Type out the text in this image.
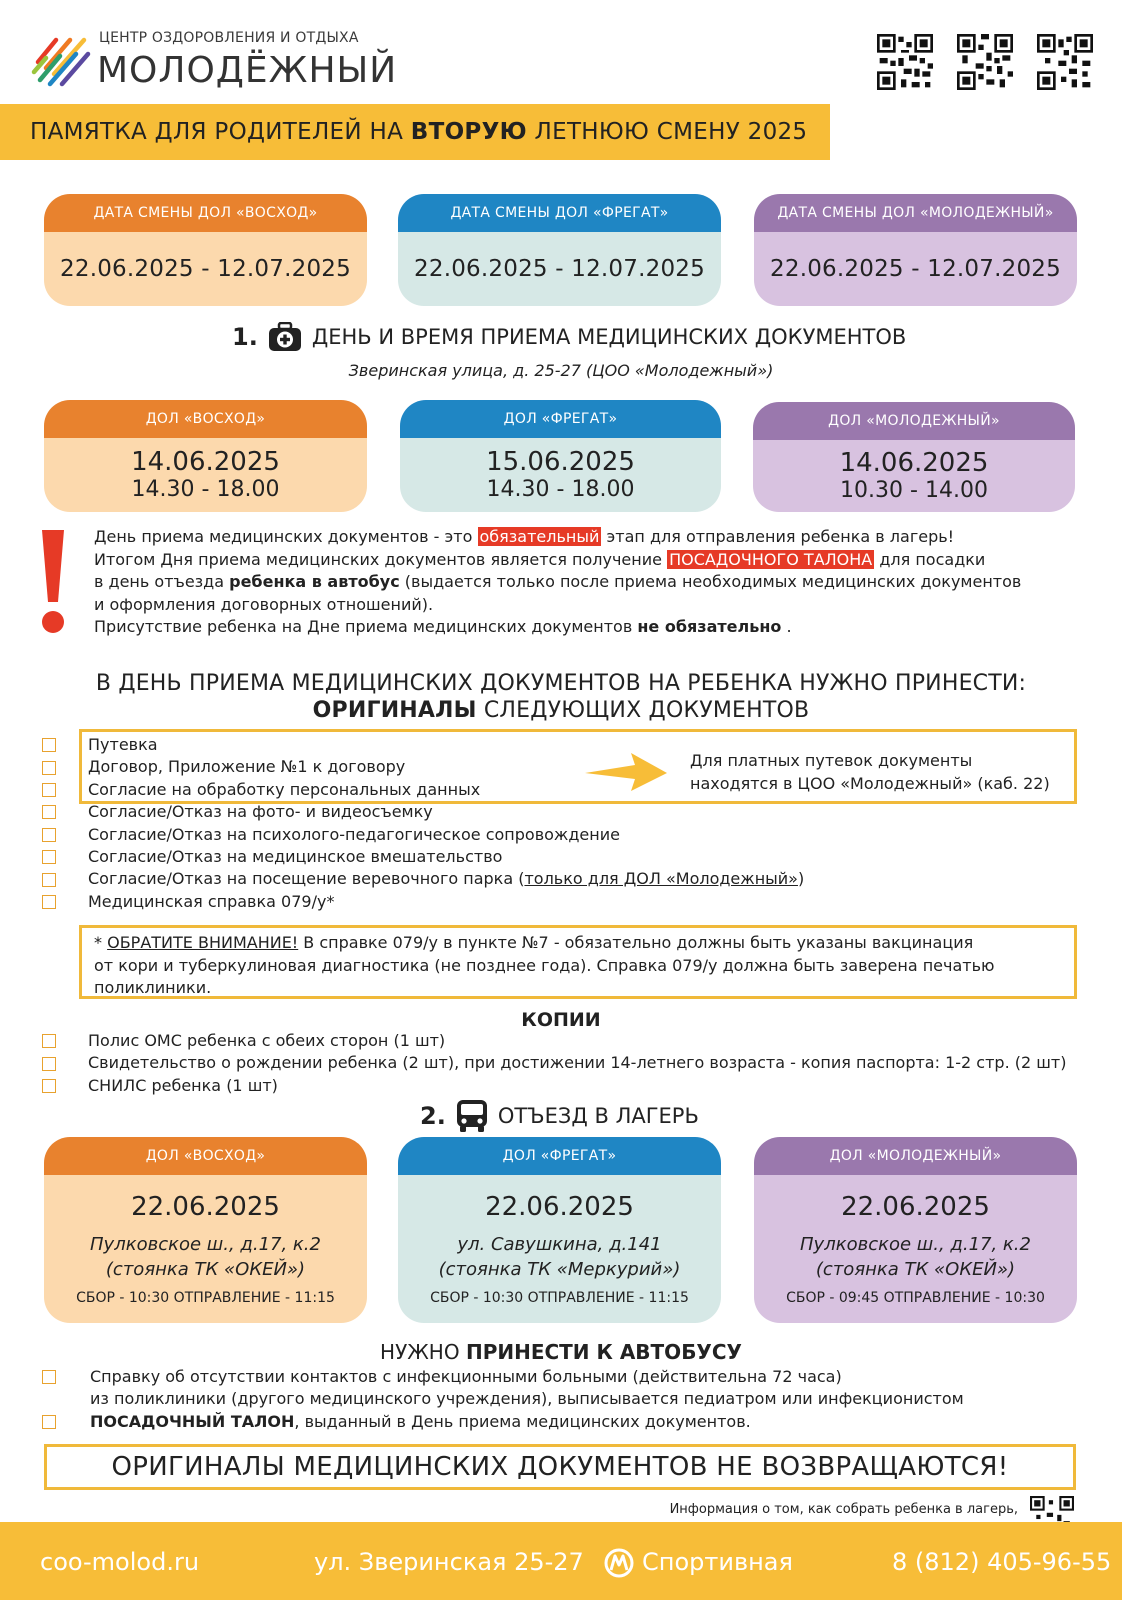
ЦЕНТР ОЗДОРОВЛЕНИЯ И ОТДЫХА
МОЛОДЁЖНЫЙ
ПАМЯТКА ДЛЯ РОДИТЕЛЕЙ НА ВТОРУЮ ЛЕТНЮЮ СМЕНУ 2025
ДАТА СМЕНЫ ДОЛ «ВОСХОД»
22.06.2025 - 12.07.2025
ДАТА СМЕНЫ ДОЛ «ФРЕГАТ»
22.06.2025 - 12.07.2025
ДАТА СМЕНЫ ДОЛ «МОЛОДЕЖНЫЙ»
22.06.2025 - 12.07.2025
1.	ДЕНЬ И ВРЕМЯ ПРИЕМА МЕДИЦИНСКИХ ДОКУМЕНТОВ
Зверинская улица, д. 25-27 (ЦОО «Молодежный»)
ДОЛ «ВОСХОД»
14.06.2025
14.30 - 18.00
ДОЛ «ФРЕГАТ»
15.06.2025
14.30 - 18.00
ДОЛ «МОЛОДЕЖНЫЙ»
14.06.2025
10.30 - 14.00
День приема медицинских документов - это обязательный этап для отправления ребенка в лагерь!
Итогом Дня приема медицинских документов является получение ПОСАДОЧНОГО ТАЛОНА для посадки
в день отъезда ребенка в автобус (выдается только после приема необходимых медицинских документов
и оформления договорных отношений).
Присутствие ребенка на Дне приема медицинских документов не обязательно .
В ДЕНЬ ПРИЕМА МЕДИЦИНСКИХ ДОКУМЕНТОВ НА РЕБЕНКА НУЖНО ПРИНЕСТИ:
ОРИГИНАЛЫ СЛЕДУЮЩИХ ДОКУМЕНТОВ
Для платных путевок документы
находятся в ЦОО «Молодежный» (каб. 22)
Путевка
Договор, Приложение №1 к договору
Согласие на обработку персональных данных
Согласие/Отказ на фото- и видеосъемку
Согласие/Отказ на психолого-педагогическое сопровождение
Согласие/Отказ на медицинское вмешательство
Согласие/Отказ на посещение веревочного парка (только для ДОЛ «Молодежный»)
Медицинская справка 079/у*
* ОБРАТИТЕ ВНИМАНИЕ! В справке 079/у в пункте №7 - обязательно должны быть указаны вакцинация
от кори и туберкулиновая диагностика (не позднее года). Справка 079/у должна быть заверена печатью
поликлиники.
КОПИИ
Полис ОМС ребенка с обеих сторон (1 шт)
Свидетельство о рождении ребенка (2 шт), при достижении 14-летнего возраста - копия паспорта: 1-2 стр. (2 шт)
СНИЛС ребенка (1 шт)
2. ОТЪЕЗД В ЛАГЕРЬ
ДОЛ «ВОСХОД»
22.06.2025
Пулковское ш., д.17, к.2
(стоянка ТК «ОКЕЙ»)
СБОР - 10:30 ОТПРАВЛЕНИЕ - 11:15
ДОЛ «ФРЕГАТ»
22.06.2025
ул. Савушкина, д.141
(стоянка ТК «Меркурий»)
СБОР - 10:30 ОТПРАВЛЕНИЕ - 11:15
ДОЛ «МОЛОДЕЖНЫЙ»
22.06.2025
Пулковское ш., д.17, к.2
(стоянка ТК «ОКЕЙ»)
СБОР - 09:45 ОТПРАВЛЕНИЕ - 10:30
НУЖНО ПРИНЕСТИ К АВТОБУСУ
Справку об отсутствии контактов с инфекционными больными (действительна 72 часа)
из поликлиники (другого медицинского учреждения), выписывается педиатром или инфекционистом
ПОСАДОЧНЫЙ ТАЛОН, выданный в День приема медицинских документов.
ОРИГИНАЛЫ МЕДИЦИНСКИХ ДОКУМЕНТОВ НЕ ВОЗВРАЩАЮТСЯ!
Информация о том, как собрать ребенка в лагерь,
coo-molod.ru	ул. Зверинская 25-27 Спортивная	8 (812) 405-96-55
